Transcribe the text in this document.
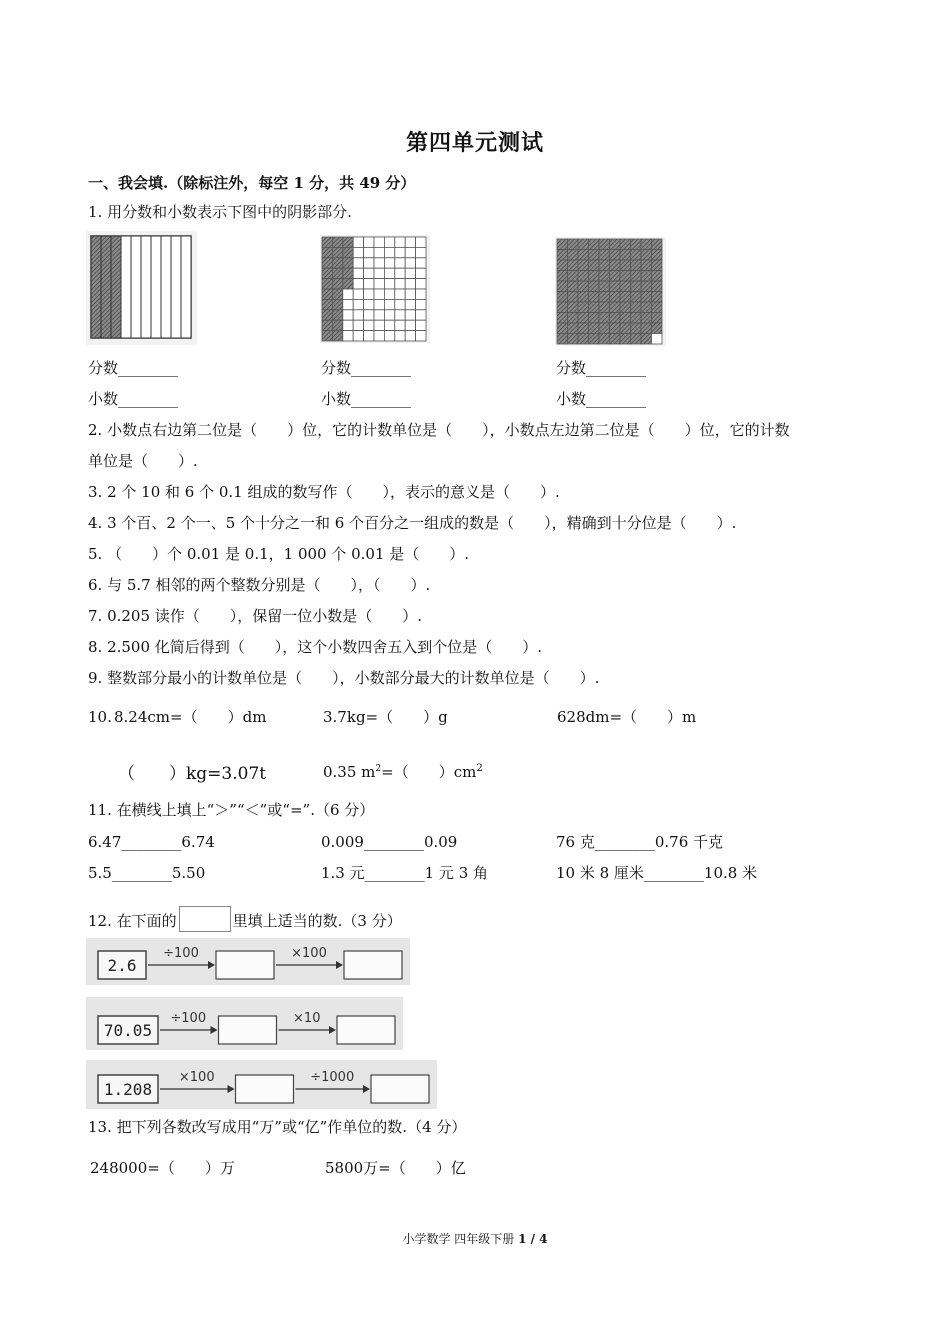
第四单元测试
一、我会填.（除标注外，每空 1 分，共 49 分）
1. 用分数和小数表示下图中的阴影部分.
分数________	分数________	分数________
小数________	小数________	小数________
2. 小数点右边第二位是（　　）位，它的计数单位是（　　），小数点左边第二位是（　　）位，它的计数
单位是（　　）.
3. 2 个 10 和 6 个 0.1 组成的数写作（　　），表示的意义是（　　）.
4. 3 个百、2 个一、5 个十分之一和 6 个百分之一组成的数是（　　），精确到十分位是（　　）.
5. （　　）个 0.01 是 0.1，1 000 个 0.01 是（　　）.
6. 与 5.7 相邻的两个整数分别是（　　），（　　）.
7. 0.205 读作（　　），保留一位小数是（　　）.
8. 2.500 化简后得到（　　），这个小数四舍五入到个位是（　　）.
9. 整数部分最小的计数单位是（　　），小数部分最大的计数单位是（　　）.
10. 8.24cm=（　　）dm	3.7kg=（　　）g	628dm=（　　）m
（　　）kg=3.07t	0.35 $m^2=$（　　）$cm^2$
11. 在横线上填上“＞”“＜”或“=”.（6 分）
6.47________6.74	0.009________0.09	76 克________0.76 千克
5.5________5.50	1.3 元________1 元 3 角	10 米 8 厘米________10.8 米
12. 在下面的	里填上适当的数.（3 分）
2.6
÷100	×100
70.05
÷100	×10
1.208
×100	÷1000
13. 把下列各数改写成用“万”或“亿”作单位的数.（4 分）
248000=（　　）万	5800万=（　　）亿
小学数学 四年级下册 1 / 4
